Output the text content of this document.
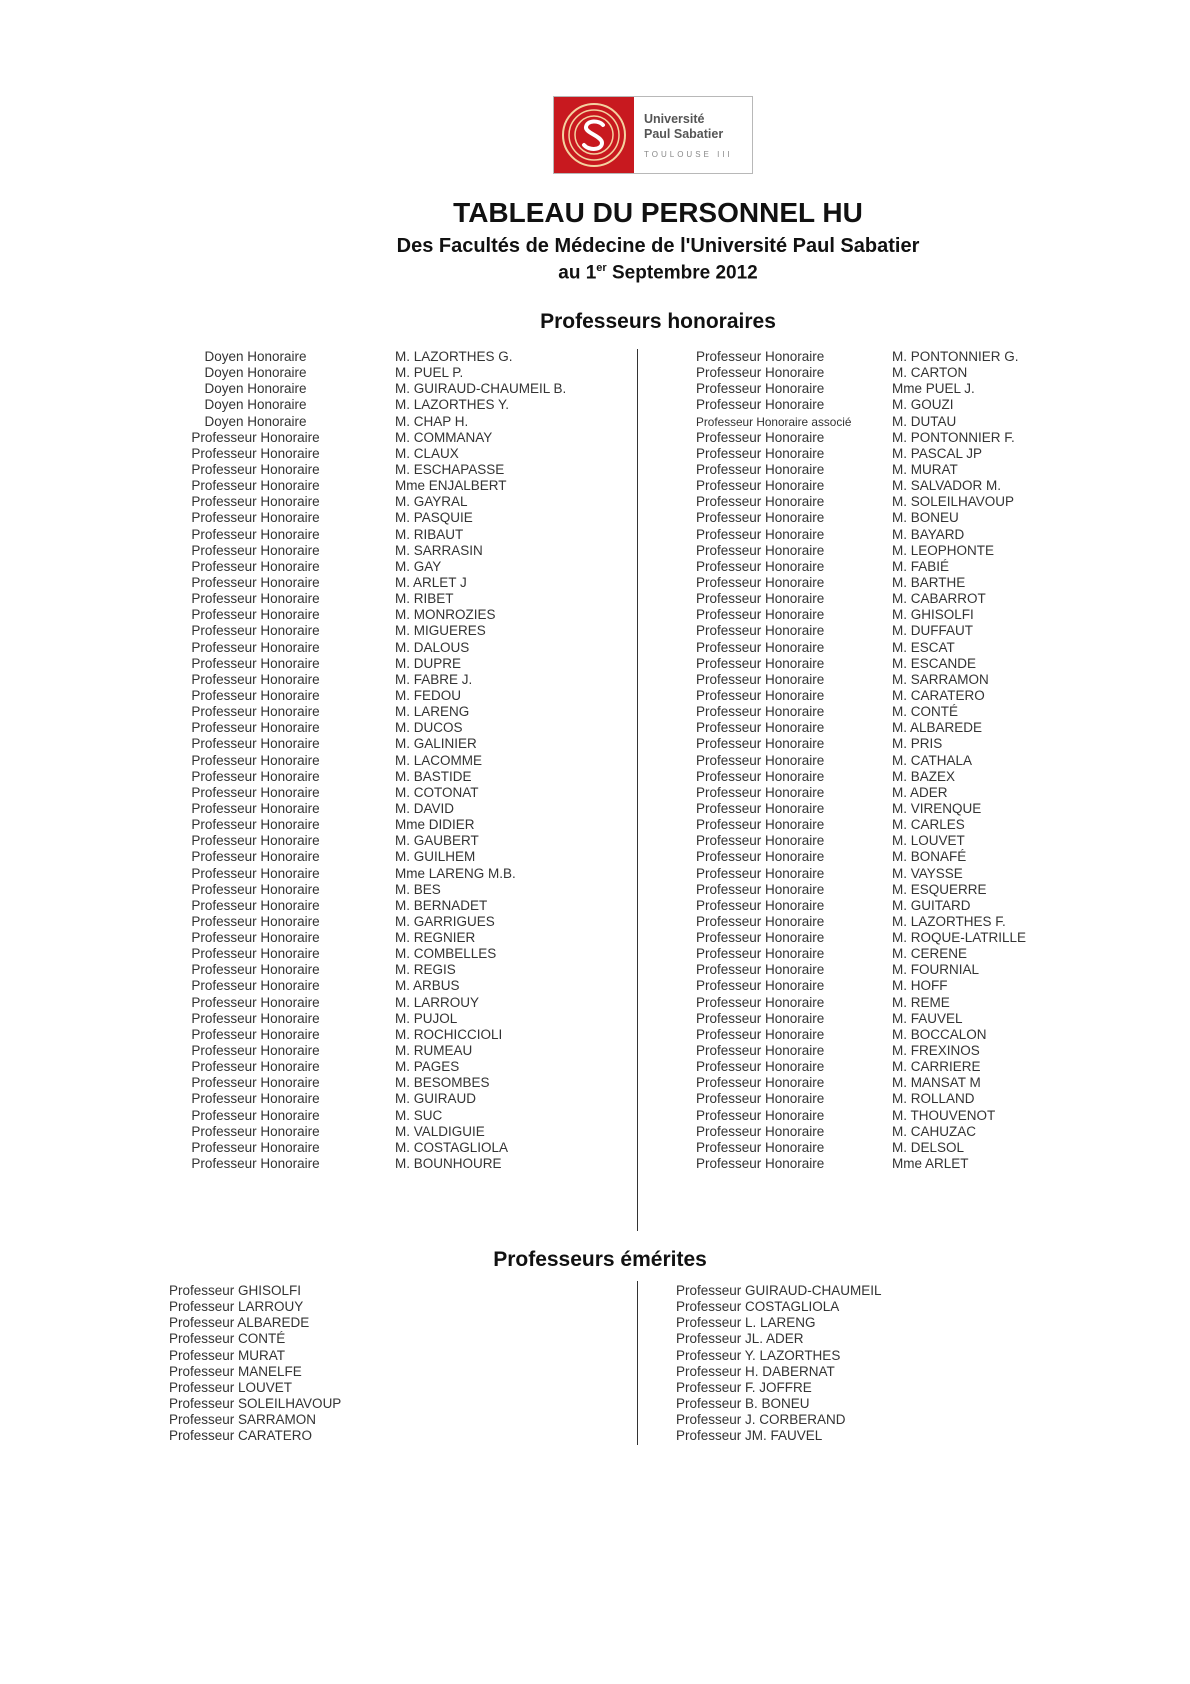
Université
Paul Sabatier
TOULOUSE III
TABLEAU DU PERSONNEL HU
Des Facultés de Médecine de l'Université Paul Sabatier
au 1er Septembre 2012
Professeurs honoraires
Doyen Honoraire
Doyen Honoraire
Doyen Honoraire
Doyen Honoraire
Doyen Honoraire
Professeur Honoraire
Professeur Honoraire
Professeur Honoraire
Professeur Honoraire
Professeur Honoraire
Professeur Honoraire
Professeur Honoraire
Professeur Honoraire
Professeur Honoraire
Professeur Honoraire
Professeur Honoraire
Professeur Honoraire
Professeur Honoraire
Professeur Honoraire
Professeur Honoraire
Professeur Honoraire
Professeur Honoraire
Professeur Honoraire
Professeur Honoraire
Professeur Honoraire
Professeur Honoraire
Professeur Honoraire
Professeur Honoraire
Professeur Honoraire
Professeur Honoraire
Professeur Honoraire
Professeur Honoraire
Professeur Honoraire
Professeur Honoraire
Professeur Honoraire
Professeur Honoraire
Professeur Honoraire
Professeur Honoraire
Professeur Honoraire
Professeur Honoraire
Professeur Honoraire
Professeur Honoraire
Professeur Honoraire
Professeur Honoraire
Professeur Honoraire
Professeur Honoraire
Professeur Honoraire
Professeur Honoraire
Professeur Honoraire
Professeur Honoraire
Professeur Honoraire
M. LAZORTHES G.
M. PUEL P.
M. GUIRAUD-CHAUMEIL B.
M. LAZORTHES Y.
M. CHAP H.
M. COMMANAY
M. CLAUX
M. ESCHAPASSE
Mme ENJALBERT
M. GAYRAL
M. PASQUIE
M. RIBAUT
M. SARRASIN
M. GAY
M. ARLET J
M. RIBET
M. MONROZIES
M. MIGUERES
M. DALOUS
M. DUPRE
M. FABRE J.
M. FEDOU
M. LARENG
M. DUCOS
M. GALINIER
M. LACOMME
M. BASTIDE
M. COTONAT
M. DAVID
Mme DIDIER
M. GAUBERT
M. GUILHEM
Mme LARENG M.B.
M. BES
M. BERNADET
M. GARRIGUES
M. REGNIER
M. COMBELLES
M. REGIS
M. ARBUS
M. LARROUY
M. PUJOL
M. ROCHICCIOLI
M. RUMEAU
M. PAGES
M. BESOMBES
M. GUIRAUD
M. SUC
M. VALDIGUIE
M. COSTAGLIOLA
M. BOUNHOURE
Professeur Honoraire
Professeur Honoraire
Professeur Honoraire
Professeur Honoraire
Professeur Honoraire associé
Professeur Honoraire
Professeur Honoraire
Professeur Honoraire
Professeur Honoraire
Professeur Honoraire
Professeur Honoraire
Professeur Honoraire
Professeur Honoraire
Professeur Honoraire
Professeur Honoraire
Professeur Honoraire
Professeur Honoraire
Professeur Honoraire
Professeur Honoraire
Professeur Honoraire
Professeur Honoraire
Professeur Honoraire
Professeur Honoraire
Professeur Honoraire
Professeur Honoraire
Professeur Honoraire
Professeur Honoraire
Professeur Honoraire
Professeur Honoraire
Professeur Honoraire
Professeur Honoraire
Professeur Honoraire
Professeur Honoraire
Professeur Honoraire
Professeur Honoraire
Professeur Honoraire
Professeur Honoraire
Professeur Honoraire
Professeur Honoraire
Professeur Honoraire
Professeur Honoraire
Professeur Honoraire
Professeur Honoraire
Professeur Honoraire
Professeur Honoraire
Professeur Honoraire
Professeur Honoraire
Professeur Honoraire
Professeur Honoraire
Professeur Honoraire
Professeur Honoraire
M. PONTONNIER G.
M. CARTON
Mme PUEL J.
M. GOUZI
M. DUTAU
M. PONTONNIER F.
M. PASCAL JP
M. MURAT
M. SALVADOR M.
M. SOLEILHAVOUP
M. BONEU
M. BAYARD
M. LEOPHONTE
M. FABIÉ
M. BARTHE
M. CABARROT
M. GHISOLFI
M. DUFFAUT
M. ESCAT
M. ESCANDE
M. SARRAMON
M. CARATERO
M. CONTÉ
M. ALBAREDE
M. PRIS
M. CATHALA
M. BAZEX
M. ADER
M. VIRENQUE
M. CARLES
M. LOUVET
M. BONAFÉ
M. VAYSSE
M. ESQUERRE
M. GUITARD
M. LAZORTHES F.
M. ROQUE-LATRILLE
M. CERENE
M. FOURNIAL
M. HOFF
M. REME
M. FAUVEL
M. BOCCALON
M. FREXINOS
M. CARRIERE
M. MANSAT M
M. ROLLAND
M. THOUVENOT
M. CAHUZAC
M. DELSOL
Mme ARLET
Professeurs émérites
Professeur GHISOLFI
Professeur LARROUY
Professeur ALBAREDE
Professeur CONTÉ
Professeur MURAT
Professeur MANELFE
Professeur LOUVET
Professeur SOLEILHAVOUP
Professeur SARRAMON
Professeur CARATERO
Professeur GUIRAUD-CHAUMEIL
Professeur COSTAGLIOLA
Professeur L. LARENG
Professeur JL. ADER
Professeur Y. LAZORTHES
Professeur H. DABERNAT
Professeur F. JOFFRE
Professeur B. BONEU
Professeur J. CORBERAND
Professeur JM. FAUVEL
